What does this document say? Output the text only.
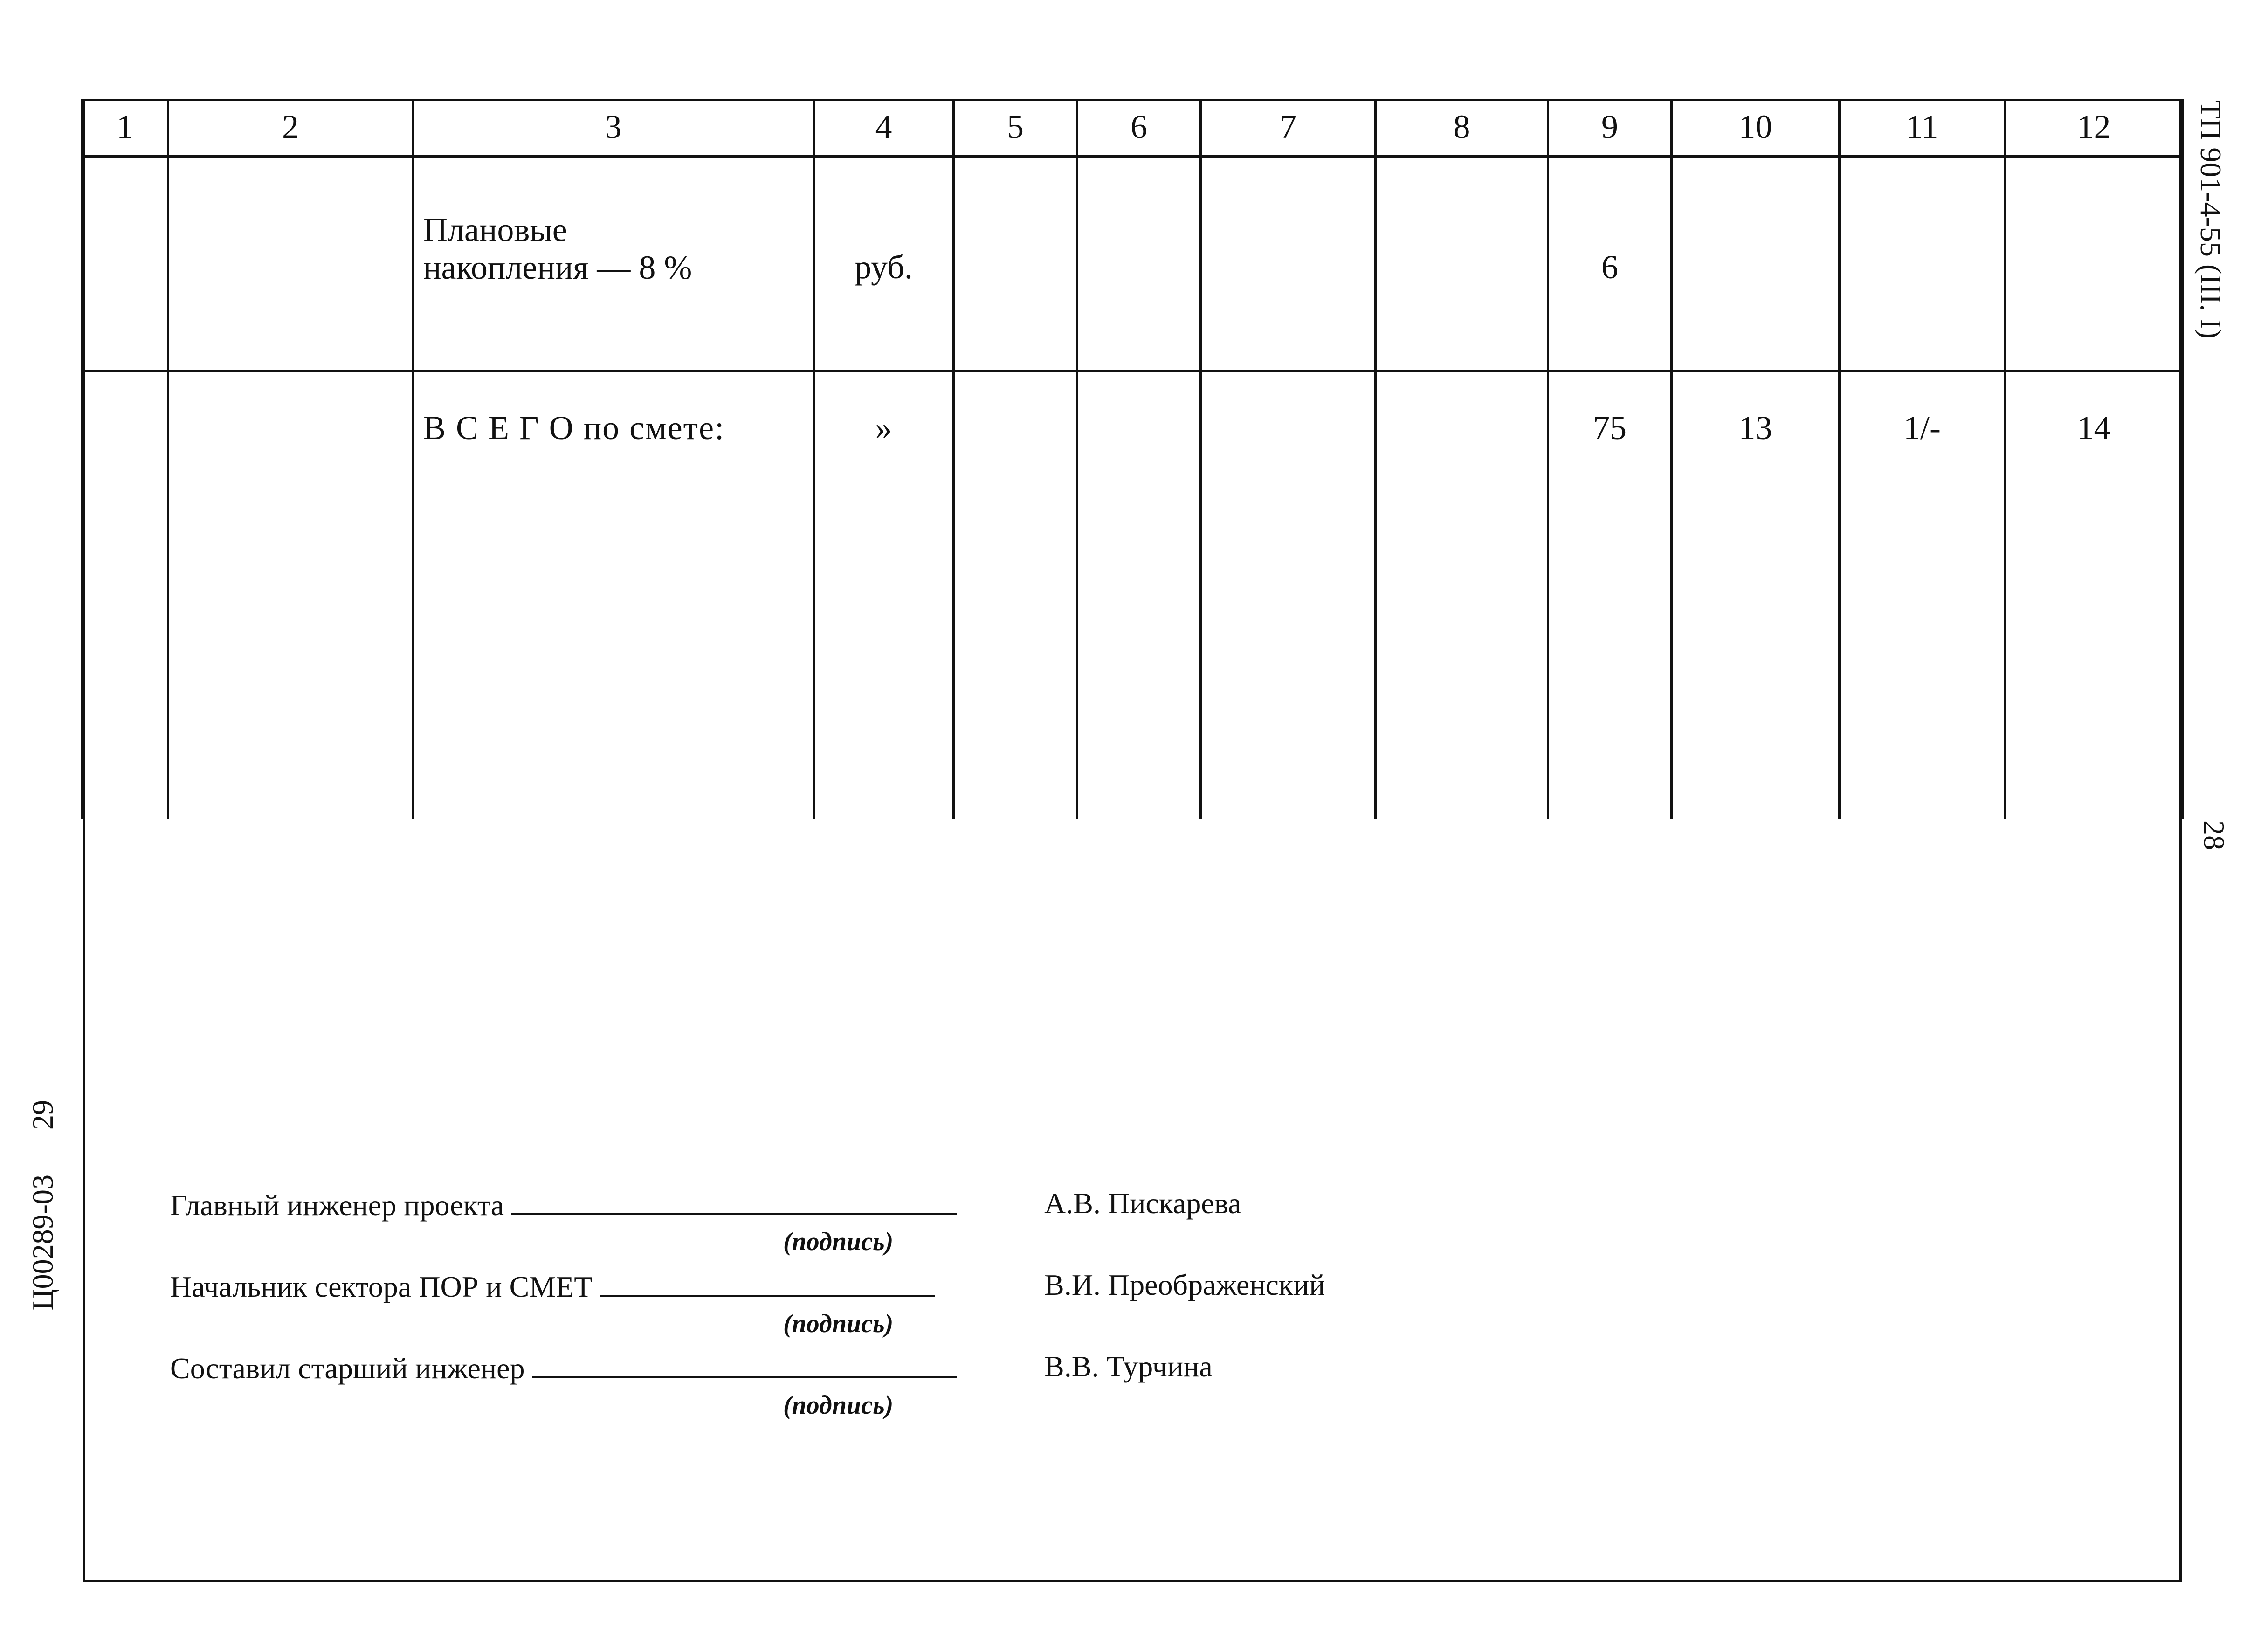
1	2	3	4	5	6	7	8	9	10	11	12

		Плановые
накопления — 8 %	руб.					6			

		В С Е Г О по смете:	»					75	13	1/-	14
ТП 901-4-55 (III. I)
28
Ц00289-03      29
Главный инженер проекта	А.В. Пискарева
(подпись)
Начальник сектора ПОР и СМЕТ	В.И. Преображенский
(подпись)
Составил старший инженер	В.В. Турчина
(подпись)
